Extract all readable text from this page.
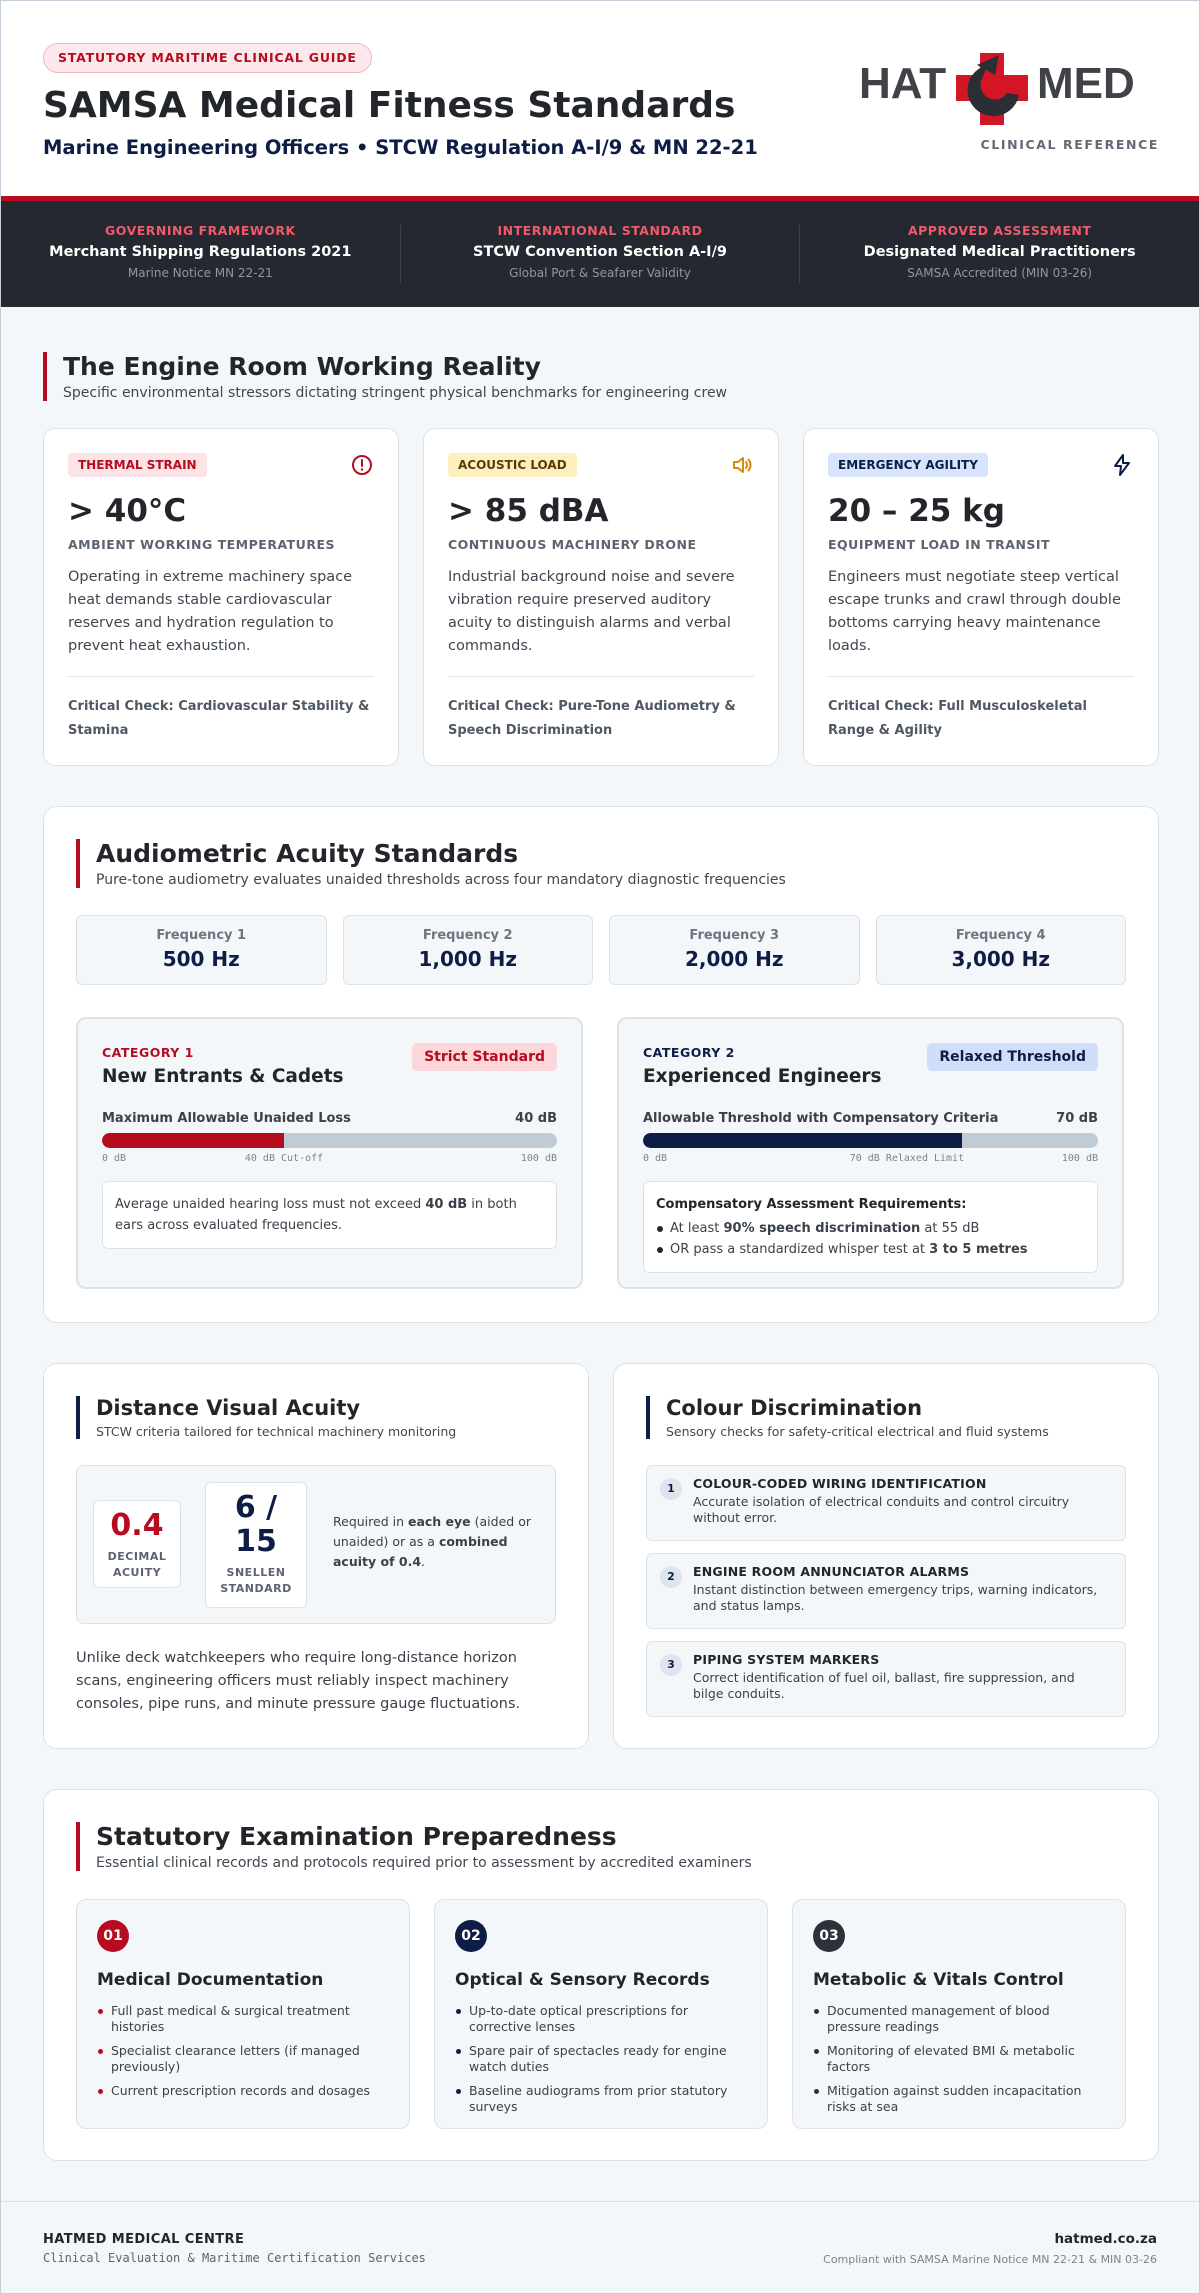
STATUTORY MARITIME CLINICAL GUIDE
SAMSA Medical Fitness Standards
Marine Engineering Officers • STCW Regulation A-I/9 & MN 22-21
HAT MED
CLINICAL REFERENCE
GOVERNING FRAMEWORK
Merchant Shipping Regulations 2021
Marine Notice MN 22-21
INTERNATIONAL STANDARD
STCW Convention Section A-I/9
Global Port & Seafarer Validity
APPROVED ASSESSMENT
Designated Medical Practitioners
SAMSA Accredited (MIN 03-26)
The Engine Room Working Reality
Specific environmental stressors dictating stringent physical benchmarks for engineering crew
THERMAL STRAIN
> 40°C
AMBIENT WORKING TEMPERATURES
Operating in extreme machinery space heat demands stable cardiovascular reserves and hydration regulation to prevent heat exhaustion.
Critical Check: Cardiovascular Stability & Stamina
ACOUSTIC LOAD
> 85 dBA
CONTINUOUS MACHINERY DRONE
Industrial background noise and severe vibration require preserved auditory acuity to distinguish alarms and verbal commands.
Critical Check: Pure-Tone Audiometry & Speech Discrimination
EMERGENCY AGILITY
20 – 25 kg
EQUIPMENT LOAD IN TRANSIT
Engineers must negotiate steep vertical escape trunks and crawl through double bottoms carrying heavy maintenance loads.
Critical Check: Full Musculoskeletal Range & Agility
Audiometric Acuity Standards
Pure-tone audiometry evaluates unaided thresholds across four mandatory diagnostic frequencies
Frequency 1
500 Hz
Frequency 2
1,000 Hz
Frequency 3
2,000 Hz
Frequency 4
3,000 Hz
CATEGORY 1
New Entrants & Cadets
Strict Standard
Maximum Allowable Unaided Loss	40 dB
0 dB	40 dB Cut-off	100 dB
Average unaided hearing loss must not exceed 40 dB in both ears across evaluated frequencies.
CATEGORY 2
Experienced Engineers
Relaxed Threshold
Allowable Threshold with Compensatory Criteria	70 dB
0 dB	70 dB Relaxed Limit	100 dB
Compensatory Assessment Requirements:
At least 90% speech discrimination at 55 dB
OR pass a standardized whisper test at 3 to 5 metres
Distance Visual Acuity
STCW criteria tailored for technical machinery monitoring
0.4
DECIMAL
ACUITY
6 /
15
SNELLEN
STANDARD
Required in each eye (aided or unaided) or as a combined acuity of 0.4.
Unlike deck watchkeepers who require long-distance horizon scans, engineering officers must reliably inspect machinery consoles, pipe runs, and minute pressure gauge fluctuations.
Colour Discrimination
Sensory checks for safety-critical electrical and fluid systems
1	COLOUR-CODED WIRING IDENTIFICATION
Accurate isolation of electrical conduits and control circuitry without error.
2	ENGINE ROOM ANNUNCIATOR ALARMS
Instant distinction between emergency trips, warning indicators, and status lamps.
3	PIPING SYSTEM MARKERS
Correct identification of fuel oil, ballast, fire suppression, and bilge conduits.
Statutory Examination Preparedness
Essential clinical records and protocols required prior to assessment by accredited examiners
01
Medical Documentation
Full past medical & surgical treatment histories
Specialist clearance letters (if managed previously)
Current prescription records and dosages
02
Optical & Sensory Records
Up-to-date optical prescriptions for corrective lenses
Spare pair of spectacles ready for engine watch duties
Baseline audiograms from prior statutory surveys
03
Metabolic & Vitals Control
Documented management of blood pressure readings
Monitoring of elevated BMI & metabolic factors
Mitigation against sudden incapacitation risks at sea
HATMED MEDICAL CENTRE
Clinical Evaluation & Maritime Certification Services
hatmed.co.za
Compliant with SAMSA Marine Notice MN 22-21 & MIN 03-26
